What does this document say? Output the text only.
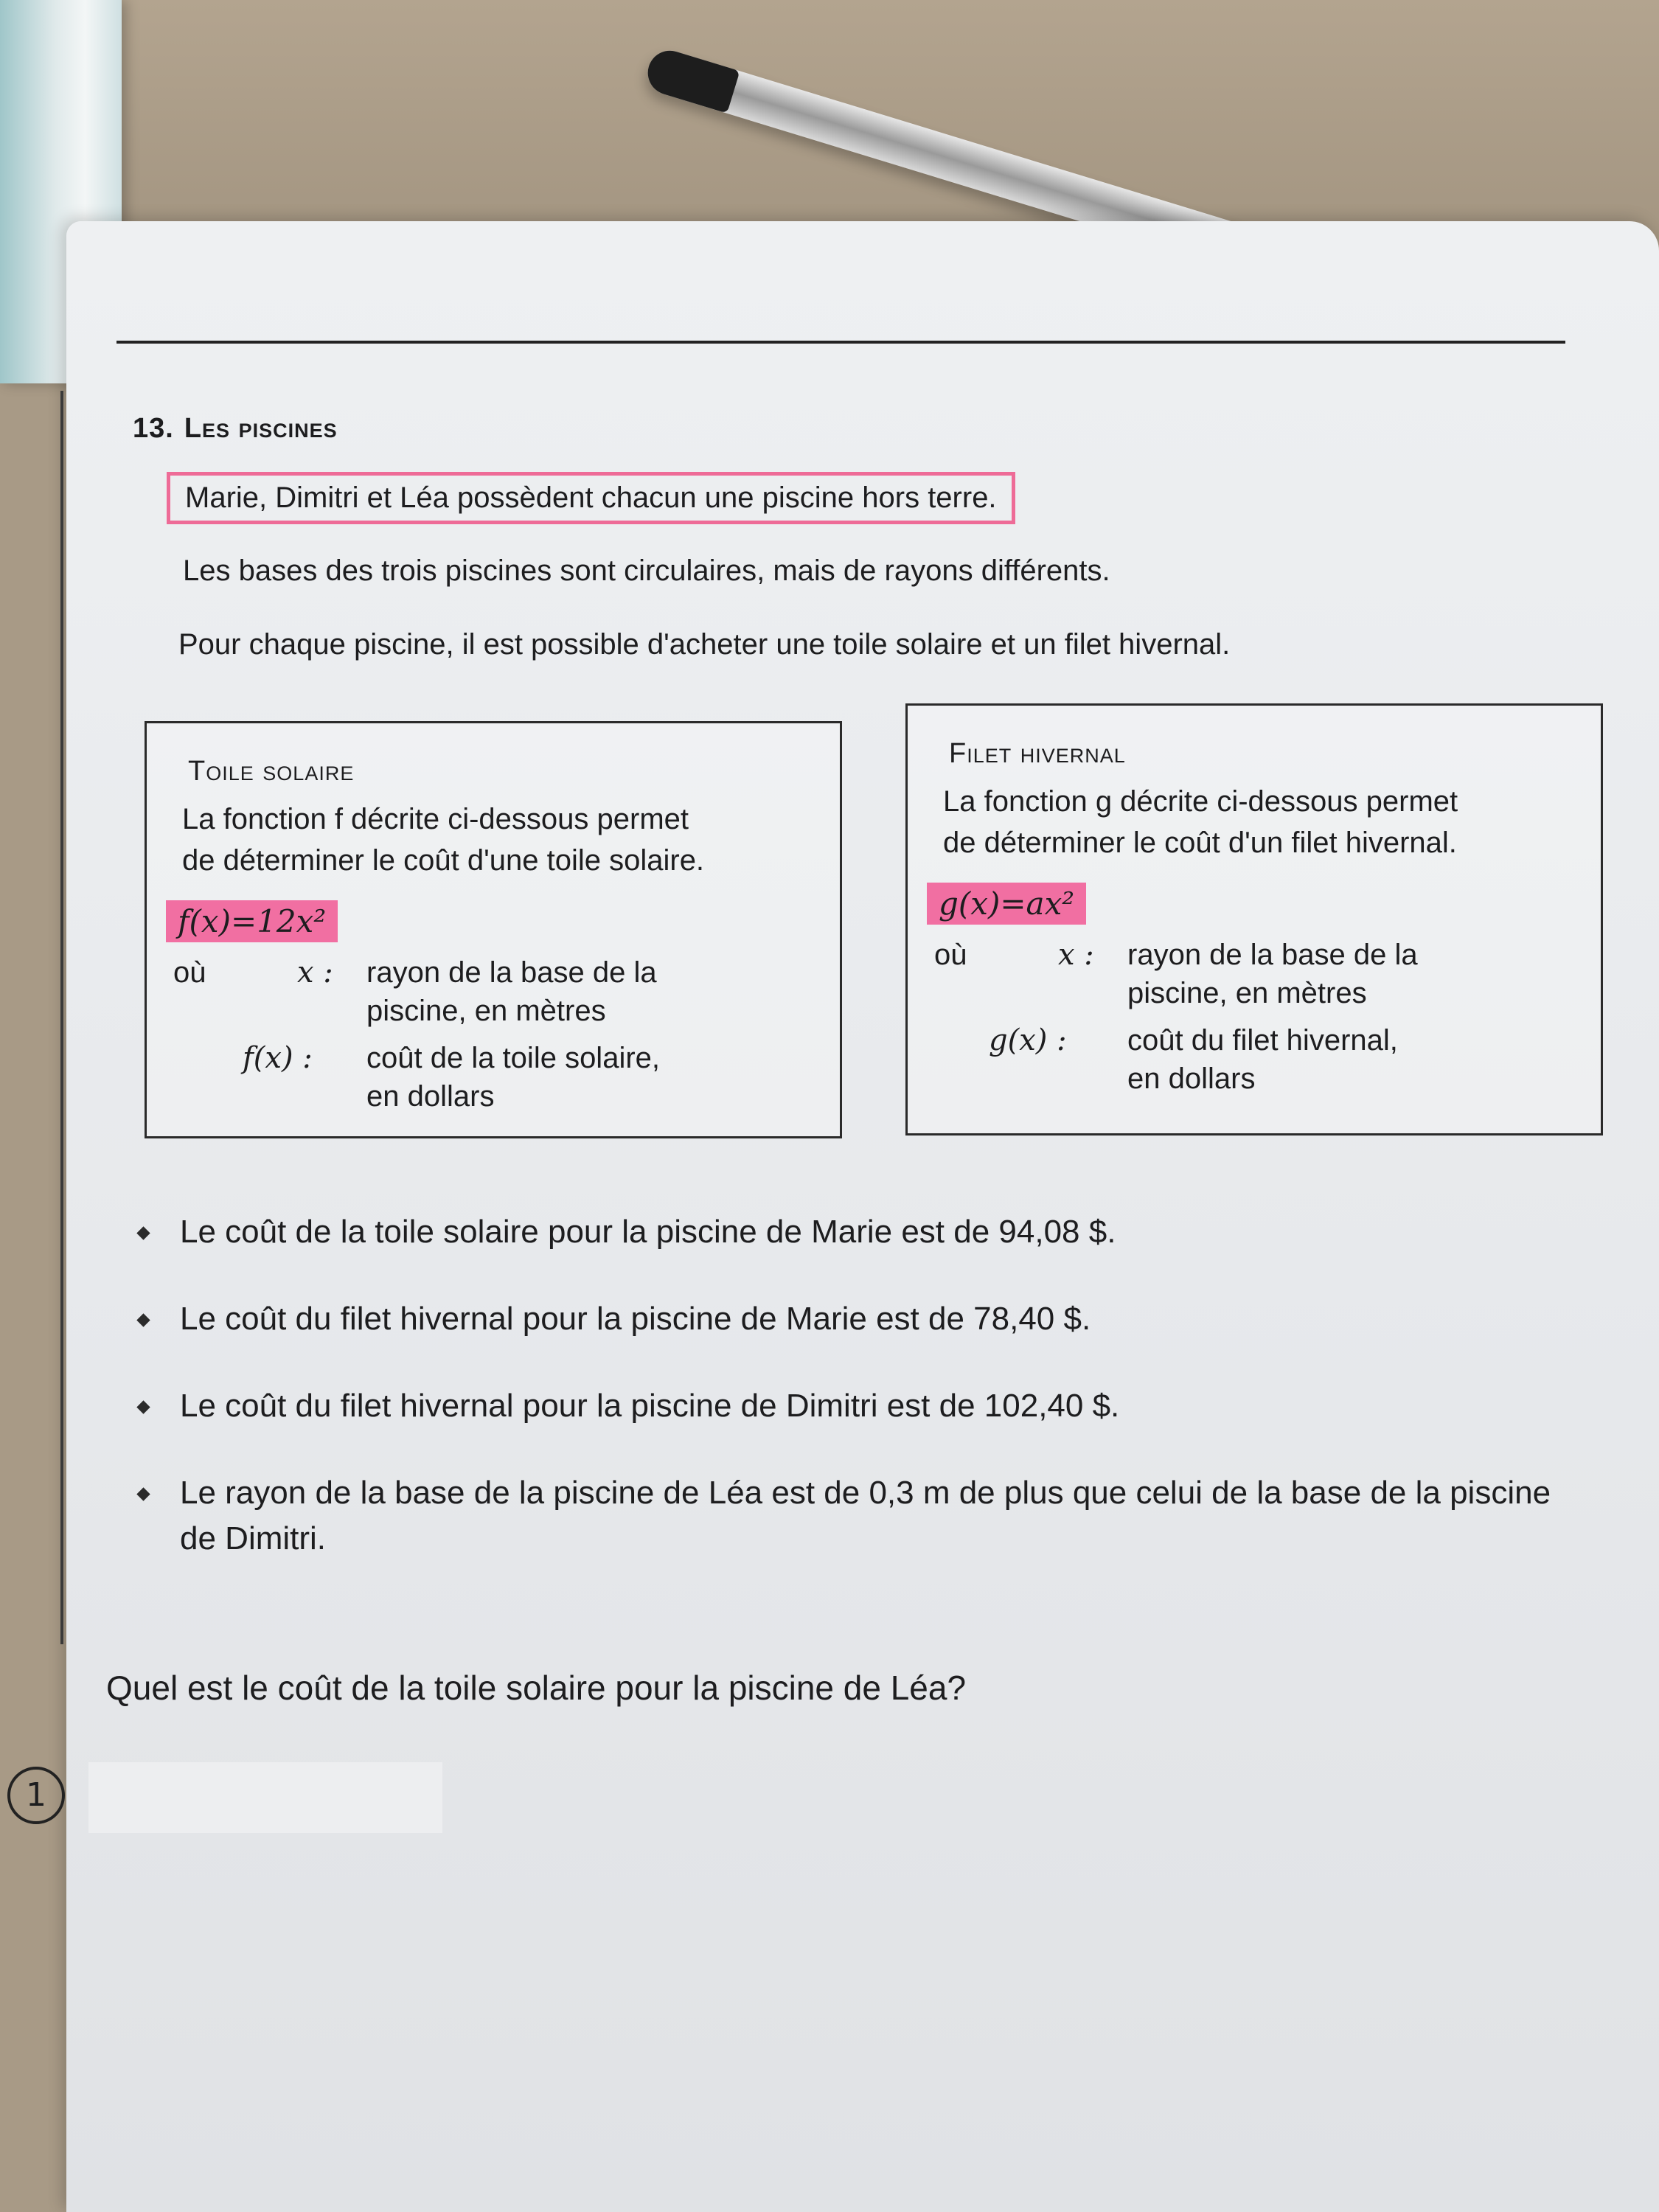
13. Les piscines
Marie, Dimitri et Léa possèdent chacun une piscine hors terre.
Les bases des trois piscines sont circulaires, mais de rayons différents.
Pour chaque piscine, il est possible d'acheter une toile solaire et un filet hivernal.
Toile solaire
La fonction f décrite ci-dessous permet
de déterminer le coût d'une toile solaire.
f(x)=12x²
où	x : rayon de la base de la
piscine, en mètres
f(x) : coût de la toile solaire,
en dollars
Filet hivernal
La fonction g décrite ci-dessous permet
de déterminer le coût d'un filet hivernal.
g(x)=ax²
où	x : rayon de la base de la
piscine, en mètres
g(x) : coût du filet hivernal,
en dollars
Le coût de la toile solaire pour la piscine de Marie est de 94,08 $.
Le coût du filet hivernal pour la piscine de Marie est de 78,40 $.
Le coût du filet hivernal pour la piscine de Dimitri est de 102,40 $.
Le rayon de la base de la piscine de Léa est de 0,3 m de plus que celui de la base de la piscine de Dimitri.
Quel est le coût de la toile solaire pour la piscine de Léa?
1
